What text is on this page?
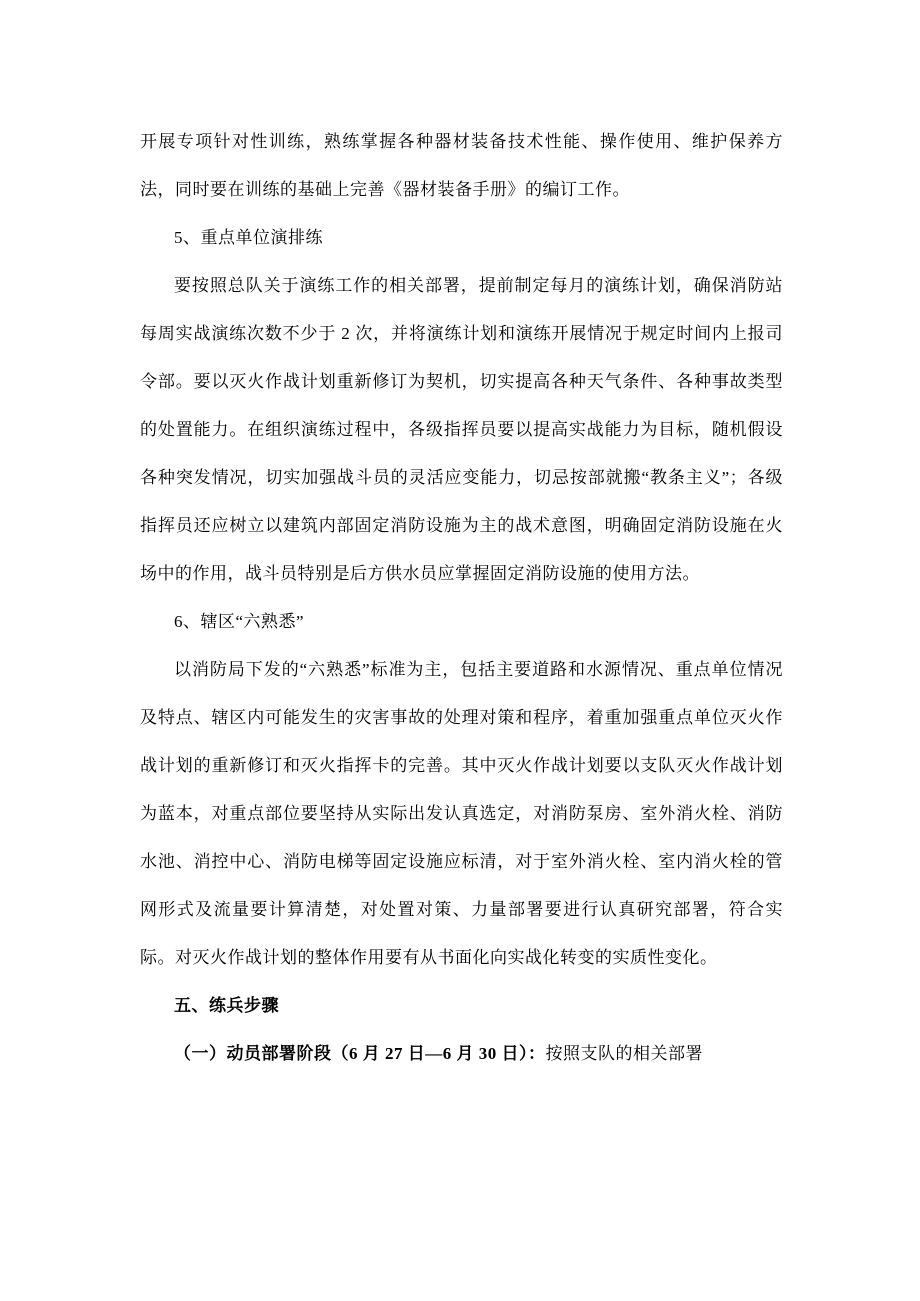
开展专项针对性训练，熟练掌握各种器材装备技术性能、操作使用、维护保养方法，同时要在训练的基础上完善《器材装备手册》的编订工作。

5、重点单位演排练

要按照总队关于演练工作的相关部署，提前制定每月的演练计划，确保消防站每周实战演练次数不少于 2 次，并将演练计划和演练开展情况于规定时间内上报司令部。要以灭火作战计划重新修订为契机，切实提高各种天气条件、各种事故类型的处置能力。在组织演练过程中，各级指挥员要以提高实战能力为目标，随机假设各种突发情况，切实加强战斗员的灵活应变能力，切忌按部就搬“教条主义”；各级指挥员还应树立以建筑内部固定消防设施为主的战术意图，明确固定消防设施在火场中的作用，战斗员特别是后方供水员应掌握固定消防设施的使用方法。

6、辖区“六熟悉”

以消防局下发的“六熟悉”标准为主，包括主要道路和水源情况、重点单位情况及特点、辖区内可能发生的灾害事故的处理对策和程序，着重加强重点单位灭火作战计划的重新修订和灭火指挥卡的完善。其中灭火作战计划要以支队灭火作战计划为蓝本，对重点部位要坚持从实际出发认真选定，对消防泵房、室外消火栓、消防水池、消控中心、消防电梯等固定设施应标清，对于室外消火栓、室内消火栓的管网形式及流量要计算清楚，对处置对策、力量部署要进行认真研究部署，符合实际。对灭火作战计划的整体作用要有从书面化向实战化转变的实质性变化。

五、练兵步骤

（一）动员部署阶段（6 月 27 日—6 月 30 日）：按照支队的相关部署
